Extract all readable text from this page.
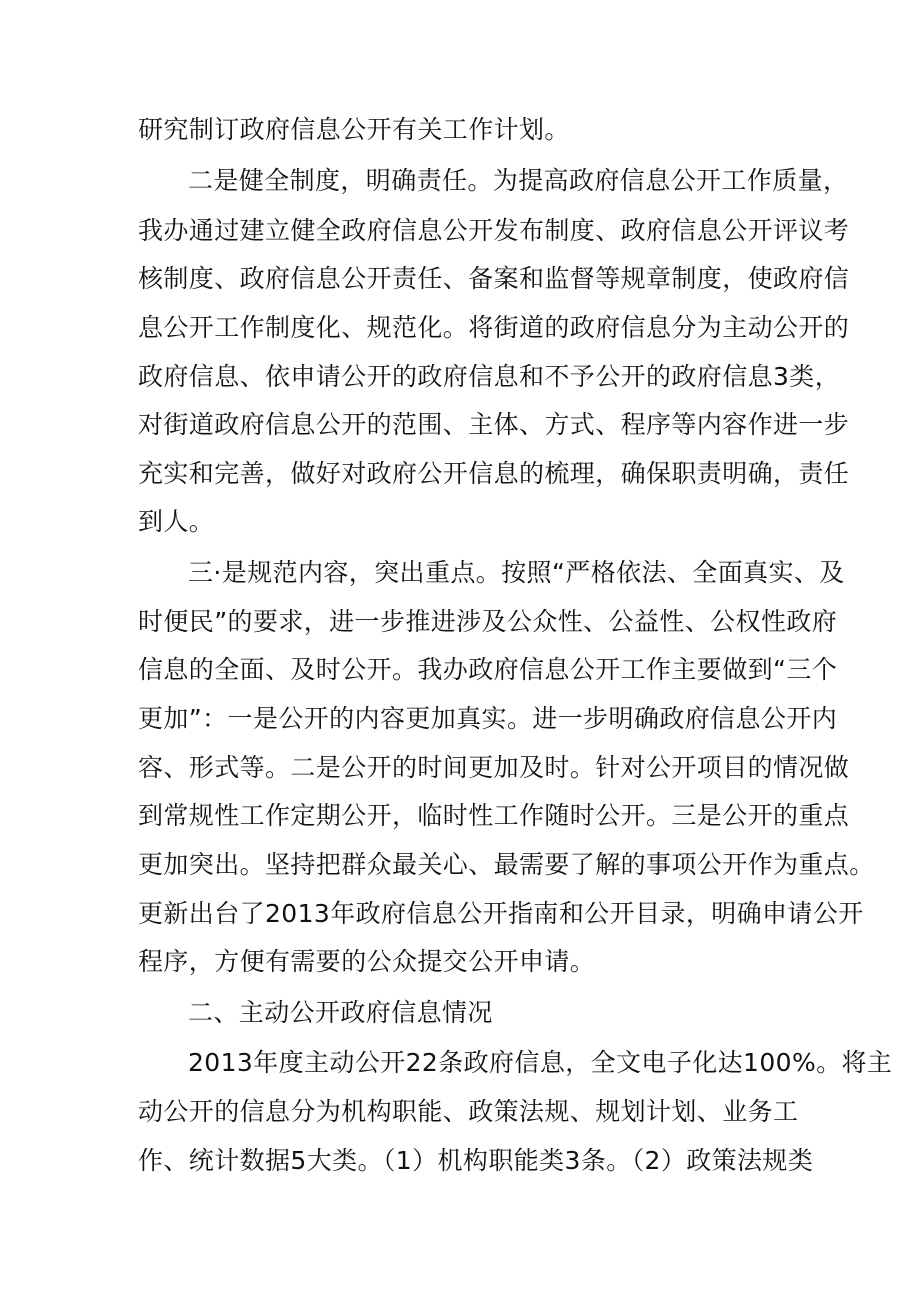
研究制订政府信息公开有关工作计划。
二是健全制度，明确责任。为提高政府信息公开工作质量，
我办通过建立健全政府信息公开发布制度、政府信息公开评议考
核制度、政府信息公开责任、备案和监督等规章制度，使政府信
息公开工作制度化、规范化。将街道的政府信息分为主动公开的
政府信息、依申请公开的政府信息和不予公开的政府信息3类，
对街道政府信息公开的范围、主体、方式、程序等内容作进一步
充实和完善，做好对政府公开信息的梳理，确保职责明确，责任
到人。
三·是规范内容，突出重点。按照“严格依法、全面真实、及
时便民”的要求，进一步推进涉及公众性、公益性、公权性政府
信息的全面、及时公开。我办政府信息公开工作主要做到“三个
更加”：一是公开的内容更加真实。进一步明确政府信息公开内
容、形式等。二是公开的时间更加及时。针对公开项目的情况做
到常规性工作定期公开，临时性工作随时公开。三是公开的重点
更加突出。坚持把群众最关心、最需要了解的事项公开作为重点。
更新出台了2013年政府信息公开指南和公开目录，明确申请公开
程序，方便有需要的公众提交公开申请。
二、主动公开政府信息情况
2013年度主动公开22条政府信息，全文电子化达100%。将主
动公开的信息分为机构职能、政策法规、规划计划、业务工
作、统计数据5大类。（1）机构职能类3条。（2）政策法规类
